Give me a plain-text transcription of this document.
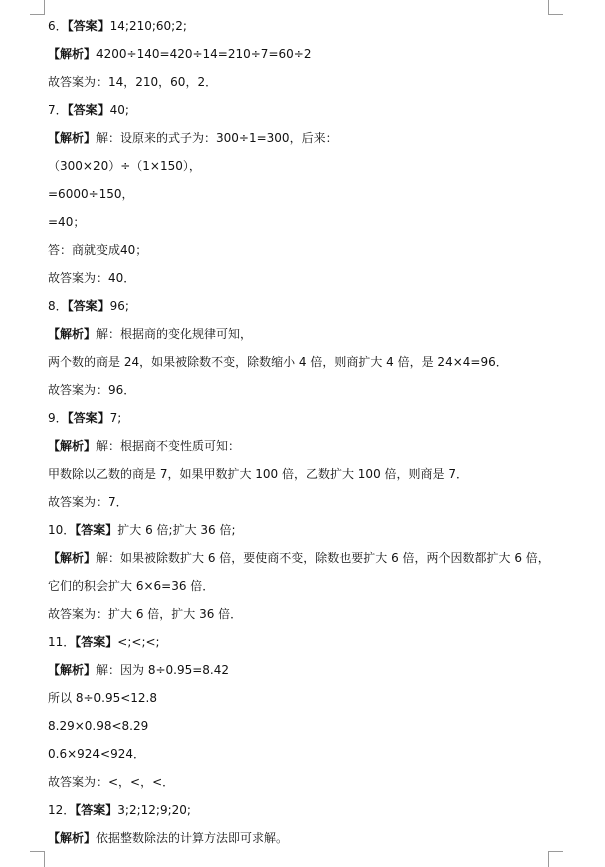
6．【答案】14;210;60;2;
【解析】4200÷140=420÷14=210÷7=60÷2
故答案为：14，210，60，2．
7．【答案】40;
【解析】解：设原来的式子为：300÷1=300，后来：
（300×20）÷（1×150），
=6000÷150，
=40；
答：商就变成40；
故答案为：40．
8．【答案】96;
【解析】解：根据商的变化规律可知，
两个数的商是 24，如果被除数不变，除数缩小 4 倍，则商扩大 4 倍，是 24×4=96．
故答案为：96．
9．【答案】7;
【解析】解：根据商不变性质可知：
甲数除以乙数的商是 7，如果甲数扩大 100 倍，乙数扩大 100 倍，则商是 7．
故答案为：7．
10．【答案】扩大 6 倍;扩大 36 倍;
【解析】解：如果被除数扩大 6 倍，要使商不变，除数也要扩大 6 倍，两个因数都扩大 6 倍，它们的积会扩大 6×6=36 倍．
故答案为：扩大 6 倍，扩大 36 倍．
11．【答案】<;<;<;
【解析】解：因为 8÷0.95=8.42
所以 8÷0.95<12.8
8.29×0.98<8.29
0.6×924<924．
故答案为：<，<，<．
12．【答案】3;2;12;9;20;
【解析】依据整数除法的计算方法即可求解。
